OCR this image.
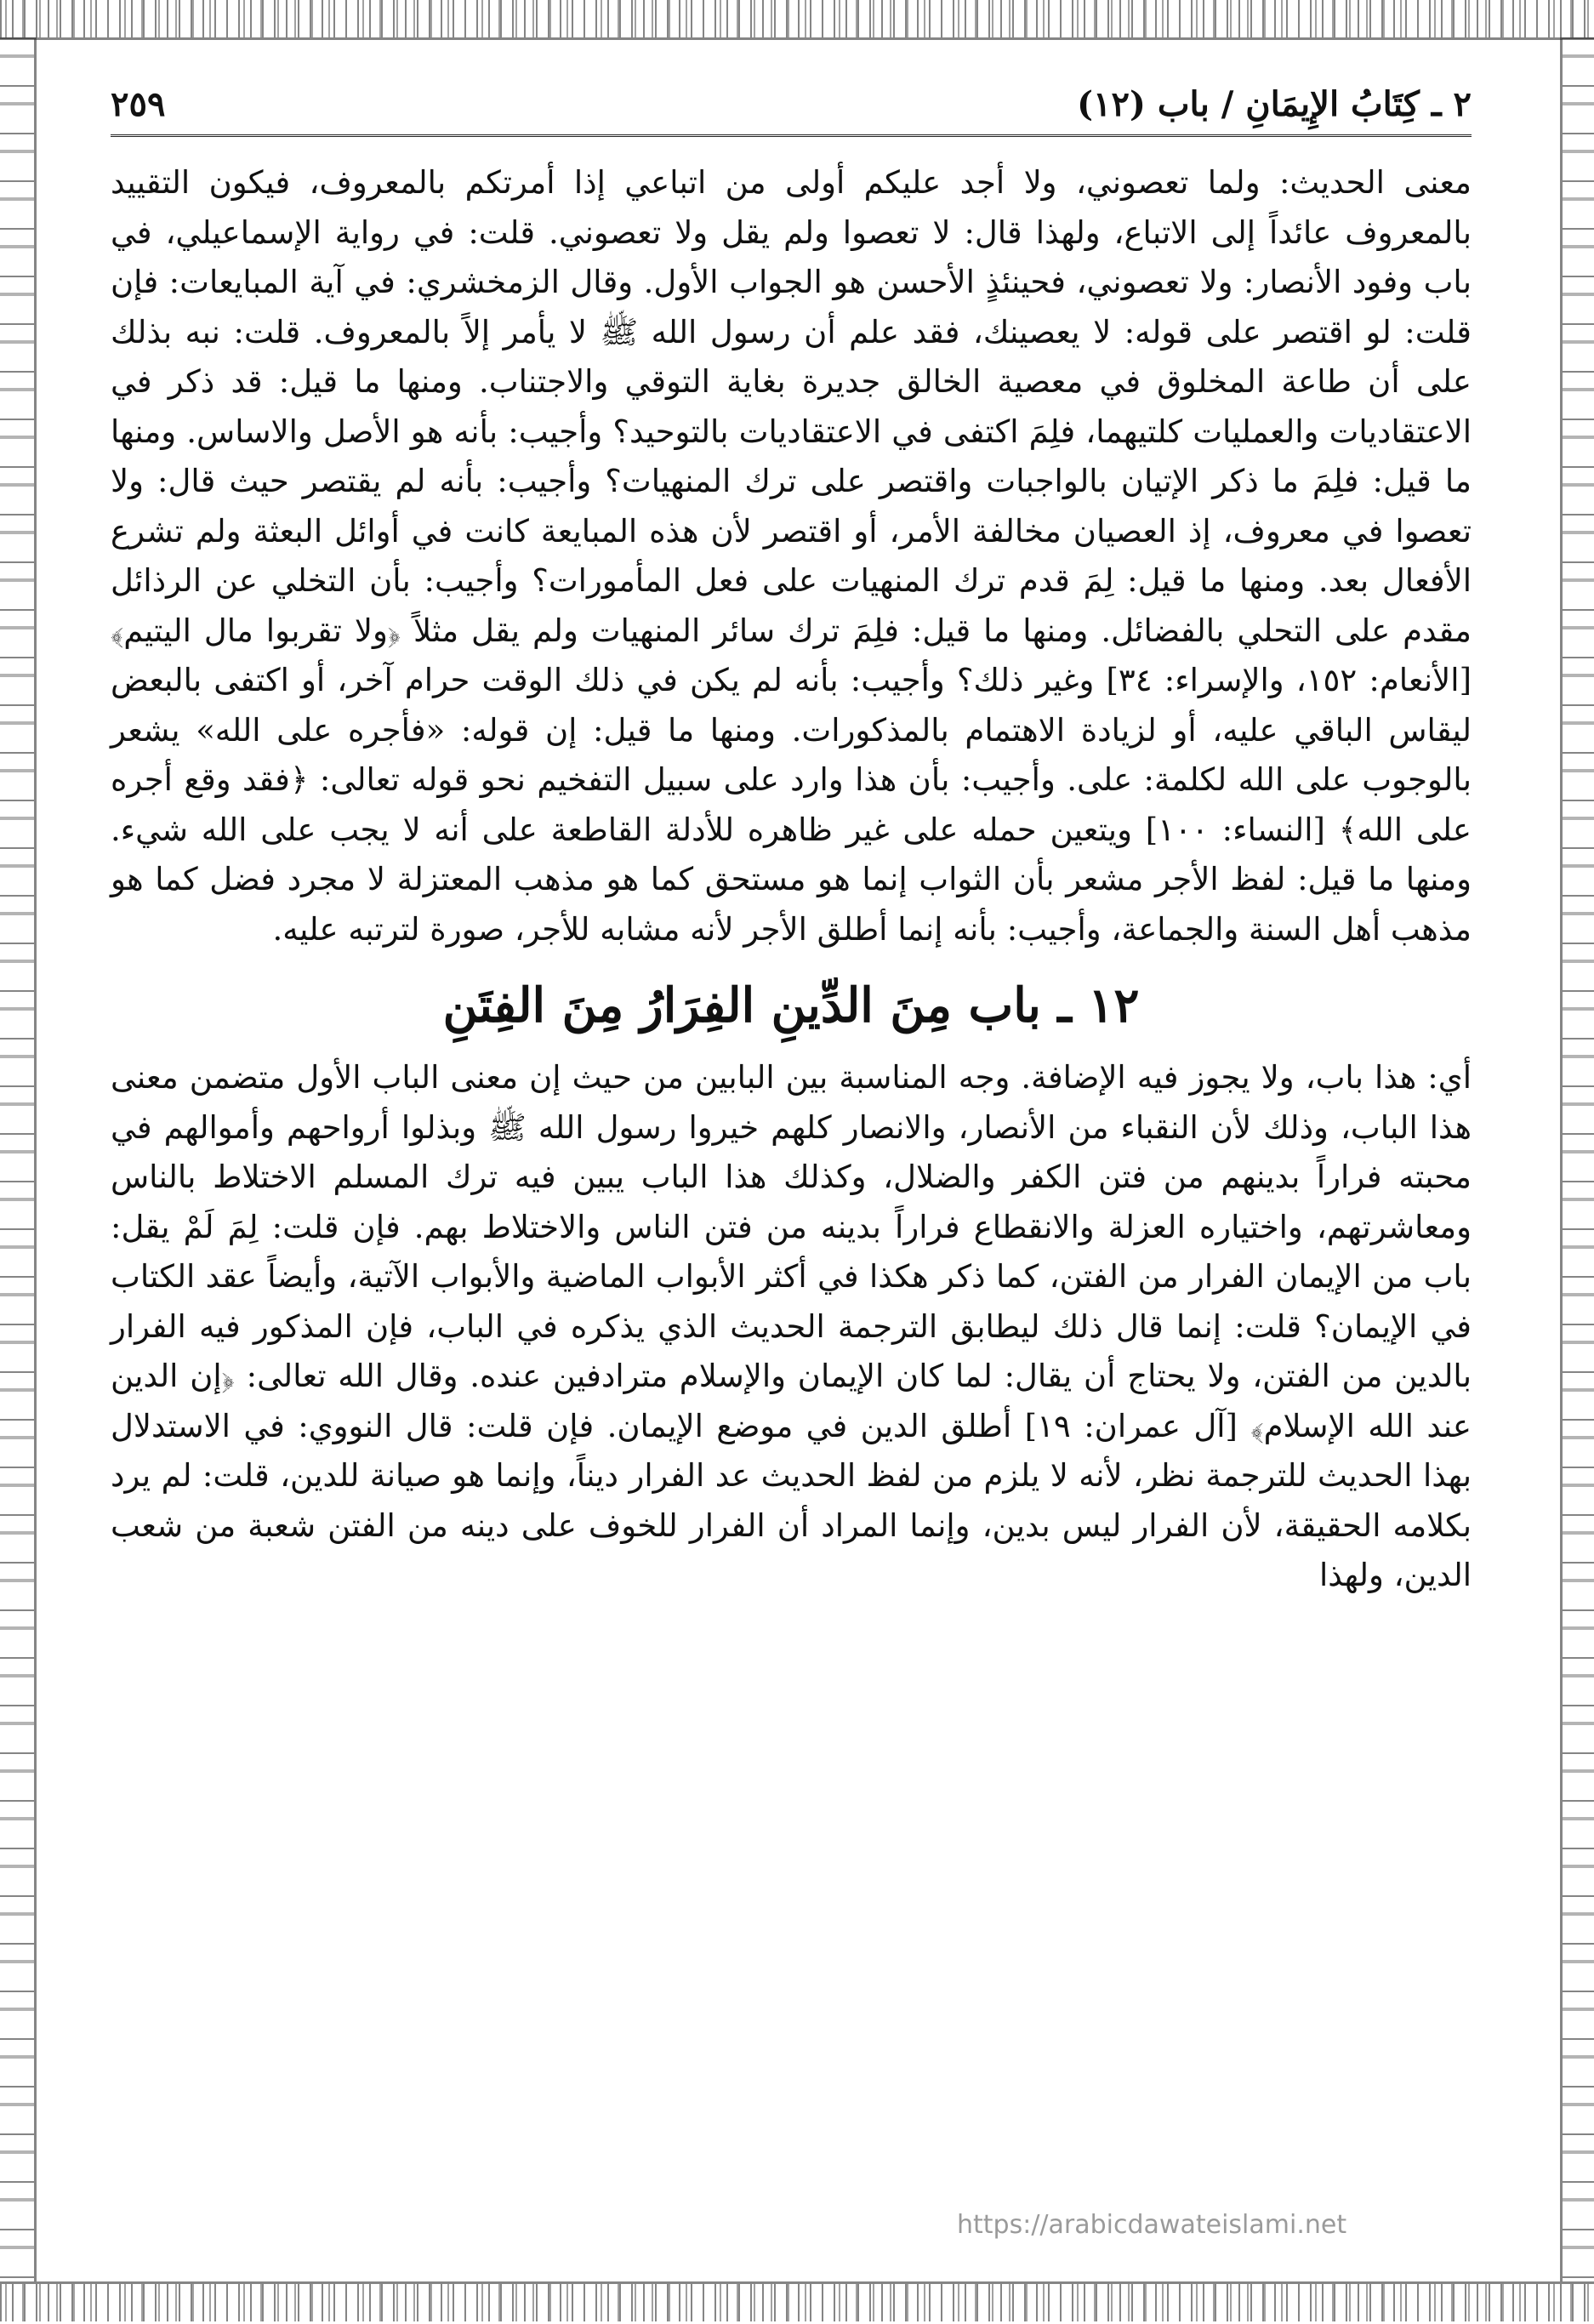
٢ ـ كِتَابُ الإِيمَانِ / باب (١٢)
٢٥٩

معنى الحديث: ولما تعصوني، ولا أجد عليكم أولى من اتباعي إذا أمرتكم بالمعروف، فيكون التقييد بالمعروف عائداً إلى الاتباع، ولهذا قال: لا تعصوا ولم يقل ولا تعصوني. قلت: في رواية الإسماعيلي، في باب وفود الأنصار: ولا تعصوني، فحينئذٍ الأحسن هو الجواب الأول. وقال الزمخشري: في آية المبايعات: فإن قلت: لو اقتصر على قوله: لا يعصينك، فقد علم أن رسول الله ﷺ لا يأمر إلاً بالمعروف. قلت: نبه بذلك على أن طاعة المخلوق في معصية الخالق جديرة بغاية التوقي والاجتناب. ومنها ما قيل: قد ذكر في الاعتقاديات والعمليات كلتيهما، فلِمَ اكتفى في الاعتقاديات بالتوحيد؟ وأجيب: بأنه هو الأصل والاساس. ومنها ما قيل: فلِمَ ما ذكر الإتيان بالواجبات واقتصر على ترك المنهيات؟ وأجيب: بأنه لم يقتصر حيث قال: ولا تعصوا في معروف، إذ العصيان مخالفة الأمر، أو اقتصر لأن هذه المبايعة كانت في أوائل البعثة ولم تشرع الأفعال بعد. ومنها ما قيل: لِمَ قدم ترك المنهيات على فعل المأمورات؟ وأجيب: بأن التخلي عن الرذائل مقدم على التحلي بالفضائل. ومنها ما قيل: فلِمَ ترك سائر المنهيات ولم يقل مثلاً ﴿ولا تقربوا مال اليتيم﴾ [الأنعام: ١٥٢، والإسراء: ٣٤] وغير ذلك؟ وأجيب: بأنه لم يكن في ذلك الوقت حرام آخر، أو اكتفى بالبعض ليقاس الباقي عليه، أو لزيادة الاهتمام بالمذكورات. ومنها ما قيل: إن قوله: «فأجره على الله» يشعر بالوجوب على الله لكلمة: على. وأجيب: بأن هذا وارد على سبيل التفخيم نحو قوله تعالى: ﴿فقد وقع أجره على الله﴾ [النساء: ١٠٠] ويتعين حمله على غير ظاهره للأدلة القاطعة على أنه لا يجب على الله شيء. ومنها ما قيل: لفظ الأجر مشعر بأن الثواب إنما هو مستحق كما هو مذهب المعتزلة لا مجرد فضل كما هو مذهب أهل السنة والجماعة، وأجيب: بأنه إنما أطلق الأجر لأنه مشابه للأجر، صورة لترتبه عليه.

١٢ ـ باب مِنَ الدِّينِ الفِرَارُ مِنَ الفِتَنِ

أي: هذا باب، ولا يجوز فيه الإضافة. وجه المناسبة بين البابين من حيث إن معنى الباب الأول متضمن معنى هذا الباب، وذلك لأن النقباء من الأنصار، والانصار كلهم خيروا رسول الله ﷺ وبذلوا أرواحهم وأموالهم في محبته فراراً بدينهم من فتن الكفر والضلال، وكذلك هذا الباب يبين فيه ترك المسلم الاختلاط بالناس ومعاشرتهم، واختياره العزلة والانقطاع فراراً بدينه من فتن الناس والاختلاط بهم. فإن قلت: لِمَ لَمْ يقل: باب من الإيمان الفرار من الفتن، كما ذكر هكذا في أكثر الأبواب الماضية والأبواب الآتية، وأيضاً عقد الكتاب في الإيمان؟ قلت: إنما قال ذلك ليطابق الترجمة الحديث الذي يذكره في الباب، فإن المذكور فيه الفرار بالدين من الفتن، ولا يحتاج أن يقال: لما كان الإيمان والإسلام مترادفين عنده. وقال الله تعالى: ﴿إن الدين عند الله الإسلام﴾ [آل عمران: ١٩] أطلق الدين في موضع الإيمان. فإن قلت: قال النووي: في الاستدلال بهذا الحديث للترجمة نظر، لأنه لا يلزم من لفظ الحديث عد الفرار ديناً، وإنما هو صيانة للدين، قلت: لم يرد بكلامه الحقيقة، لأن الفرار ليس بدين، وإنما المراد أن الفرار للخوف على دينه من الفتن شعبة من شعب الدين، ولهذا

https://arabicdawateislami.net
